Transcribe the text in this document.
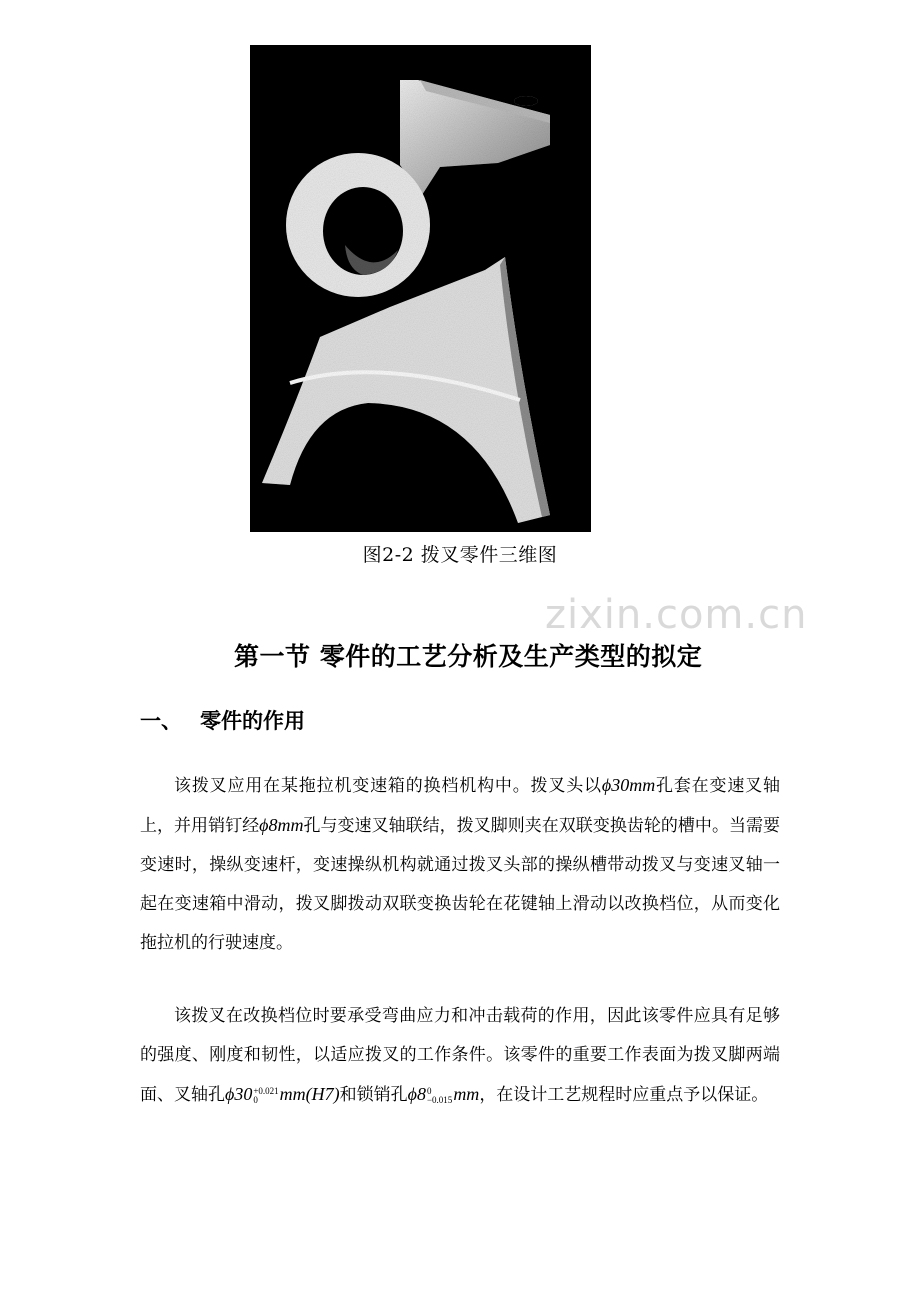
图2-2 拨叉零件三维图
zixin.com.cn
第一节 零件的工艺分析及生产类型的拟定
一、 零件的作用

该拨叉应用在某拖拉机变速箱的换档机构中。拨叉头以ϕ30mm孔套在变速叉轴上，并用销钉经ϕ8mm孔与变速叉轴联结，拨叉脚则夹在双联变换齿轮的槽中。当需要变速时，操纵变速杆，变速操纵机构就通过拨叉头部的操纵槽带动拨叉与变速叉轴一起在变速箱中滑动，拨叉脚拨动双联变换齿轮在花键轴上滑动以改换档位，从而变化拖拉机的行驶速度。

该拨叉在改换档位时要承受弯曲应力和冲击载荷的作用，因此该零件应具有足够的强度、刚度和韧性，以适应拨叉的工作条件。该零件的重要工作表面为拨叉脚两端面、叉轴孔ϕ30 +0.021
0	mm(H7)和锁销孔ϕ8 0
−0.015 mm，在设计工艺规程时应重点予以保证。
